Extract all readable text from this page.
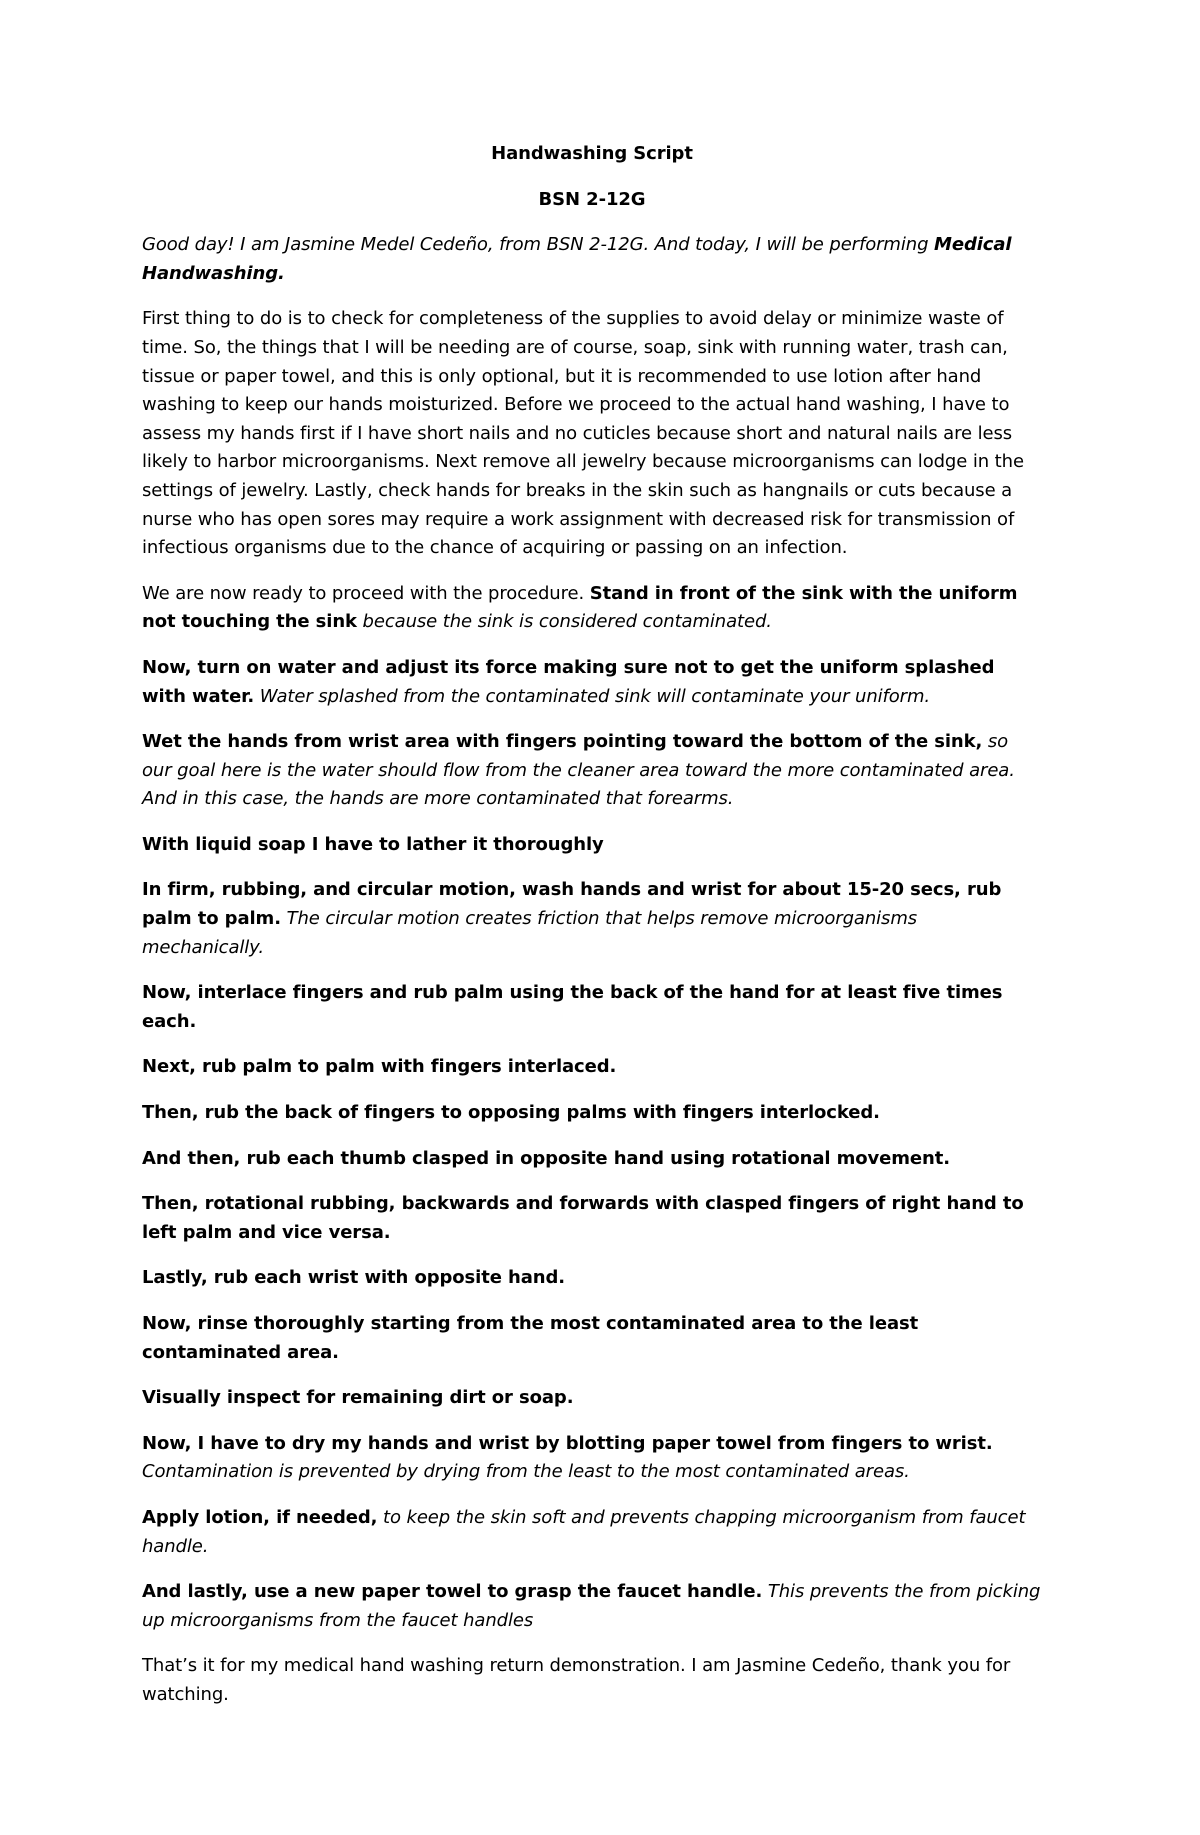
Handwashing Script
BSN 2-12G

Good day! I am Jasmine Medel Cedeño, from BSN 2-12G. And today, I will be performing Medical Handwashing.

First thing to do is to check for completeness of the supplies to avoid delay or minimize waste of time. So, the things that I will be needing are of course, soap, sink with running water, trash can, tissue or paper towel, and this is only optional, but it is recommended to use lotion after hand washing to keep our hands moisturized. Before we proceed to the actual hand washing, I have to assess my hands first if I have short nails and no cuticles because short and natural nails are less likely to harbor microorganisms. Next remove all jewelry because microorganisms can lodge in the settings of jewelry. Lastly, check hands for breaks in the skin such as hangnails or cuts because a nurse who has open sores may require a work assignment with decreased risk for transmission of infectious organisms due to the chance of acquiring or passing on an infection.

We are now ready to proceed with the procedure. Stand in front of the sink with the uniform not touching the sink because the sink is considered contaminated.

Now, turn on water and adjust its force making sure not to get the uniform splashed with water. Water splashed from the contaminated sink will contaminate your uniform.

Wet the hands from wrist area with fingers pointing toward the bottom of the sink, so our goal here is the water should flow from the cleaner area toward the more contaminated area. And in this case, the hands are more contaminated that forearms.

With liquid soap I have to lather it thoroughly

In firm, rubbing, and circular motion, wash hands and wrist for about 15-20 secs, rub palm to palm. The circular motion creates friction that helps remove microorganisms mechanically.

Now, interlace fingers and rub palm using the back of the hand for at least five times each.

Next, rub palm to palm with fingers interlaced.

Then, rub the back of fingers to opposing palms with fingers interlocked.

And then, rub each thumb clasped in opposite hand using rotational movement.

Then, rotational rubbing, backwards and forwards with clasped fingers of right hand to left palm and vice versa.

Lastly, rub each wrist with opposite hand.

Now, rinse thoroughly starting from the most contaminated area to the least contaminated area.

Visually inspect for remaining dirt or soap.

Now, I have to dry my hands and wrist by blotting paper towel from fingers to wrist. Contamination is prevented by drying from the least to the most contaminated areas.

Apply lotion, if needed, to keep the skin soft and prevents chapping microorganism from faucet handle.

And lastly, use a new paper towel to grasp the faucet handle. This prevents the from picking up microorganisms from the faucet handles

That’s it for my medical hand washing return demonstration. I am Jasmine Cedeño, thank you for watching.
